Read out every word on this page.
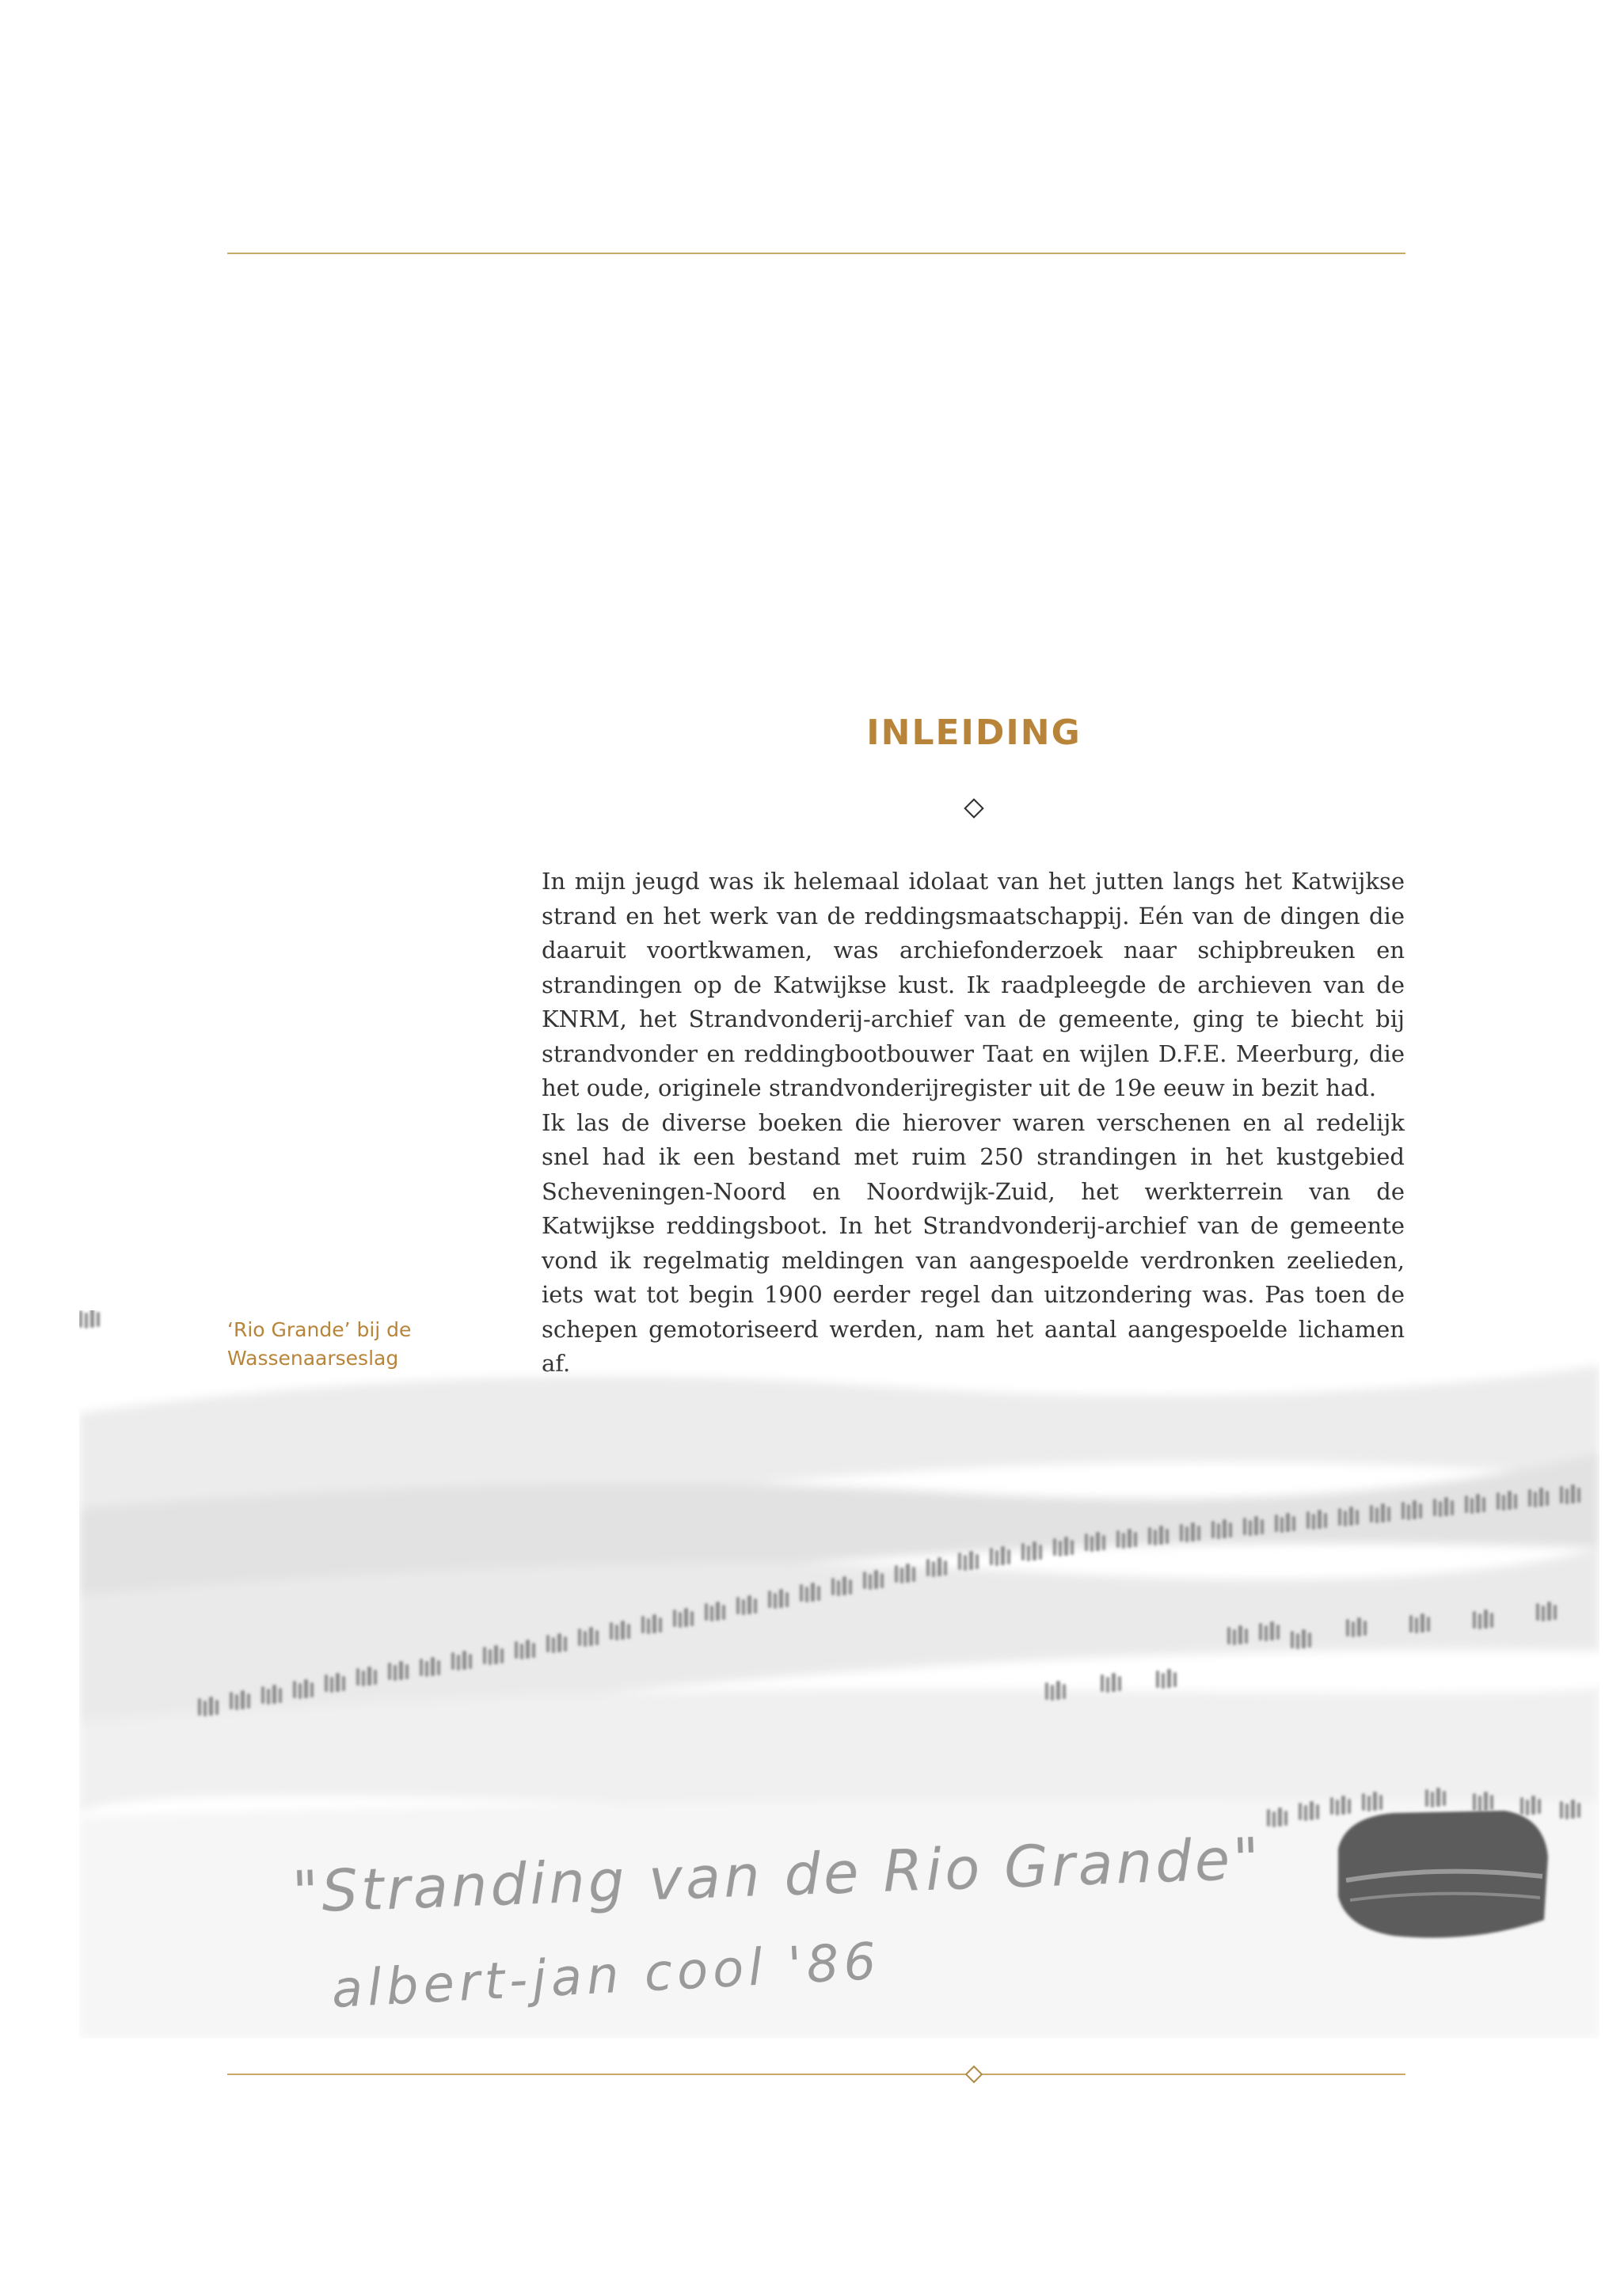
INLEIDING

In mijn jeugd was ik helemaal idolaat van het jutten langs het Katwijkse strand en het werk van de reddingsmaatschappij. Eén van de dingen die daaruit voortkwamen, was archiefonderzoek naar schipbreuken en strandingen op de Katwijkse kust. Ik raadpleegde de archieven van de KNRM, het Strandvonderij-archief van de gemeente, ging te biecht bij strandvonder en reddingbootbouwer Taat en wijlen D.F.E. Meerburg, die het oude, originele strandvonderijregister uit de 19e eeuw in bezit had.

Ik las de diverse boeken die hierover waren verschenen en al redelijk snel had ik een bestand met ruim 250 strandingen in het kustgebied Scheveningen-Noord en Noordwijk-Zuid, het werkterrein van de Katwijkse reddingsboot. In het Strandvonderij-archief van de gemeente vond ik regelmatig meldingen van aangespoelde verdronken zeelieden, iets wat tot begin 1900 eerder regel dan uitzondering was. Pas toen de schepen gemotoriseerd werden, nam het aantal aangespoelde lichamen af.

‘Rio Grande’ bij de Wassenaarseslag
"Stranding van de Rio Grande"
albert-jan cool '86
